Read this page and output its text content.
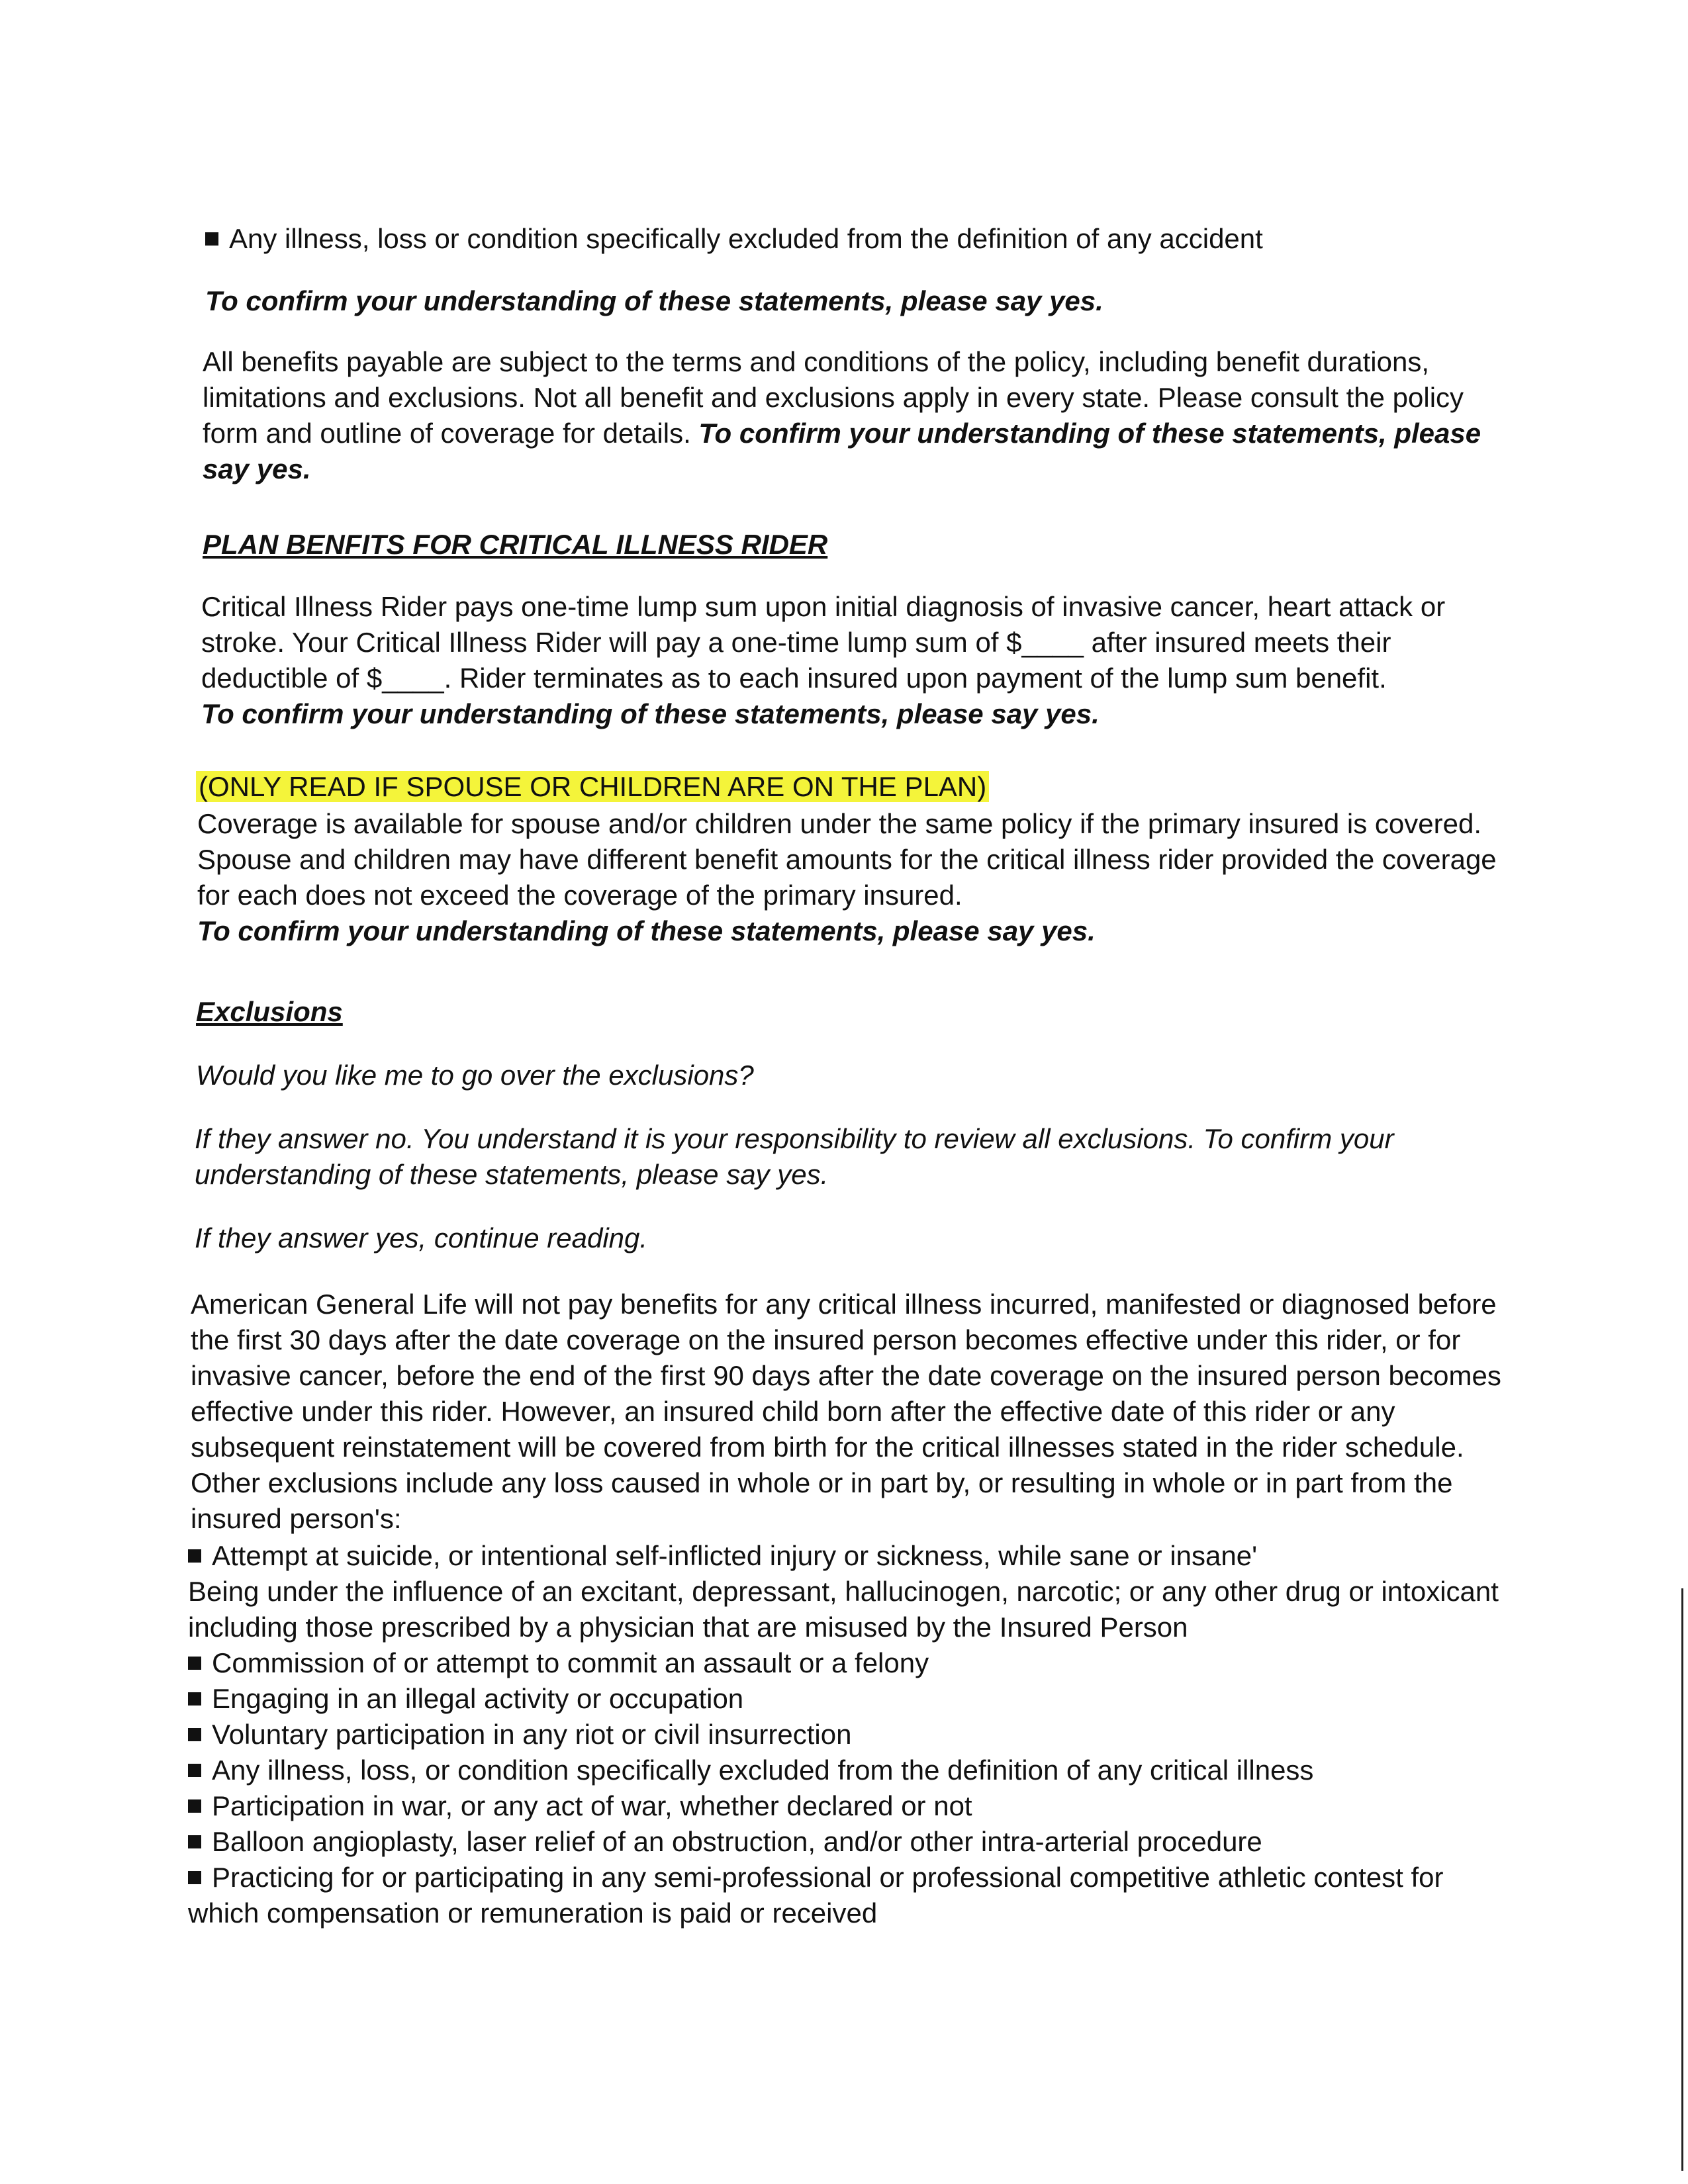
Any illness, loss or condition specifically excluded from the definition of any accident

To confirm your understanding of these statements, please say yes.

All benefits payable are subject to the terms and conditions of the policy, including benefit durations, limitations and exclusions. Not all benefit and exclusions apply in every state. Please consult the policy form and outline of coverage for details. To confirm your understanding of these statements, please say yes.

PLAN BENFITS FOR CRITICAL ILLNESS RIDER

Critical Illness Rider pays one-time lump sum upon initial diagnosis of invasive cancer, heart attack or stroke. Your Critical Illness Rider will pay a one-time lump sum of $____ after insured meets their deductible of $____. Rider terminates as to each insured upon payment of the lump sum benefit.
To confirm your understanding of these statements, please say yes.

(ONLY READ IF SPOUSE OR CHILDREN ARE ON THE PLAN)

Coverage is available for spouse and/or children under the same policy if the primary insured is covered. Spouse and children may have different benefit amounts for the critical illness rider provided the coverage for each does not exceed the coverage of the primary insured.
To confirm your understanding of these statements, please say yes.

Exclusions

Would you like me to go over the exclusions?

If they answer no. You understand it is your responsibility to review all exclusions. To confirm your understanding of these statements, please say yes.

If they answer yes, continue reading.

American General Life will not pay benefits for any critical illness incurred, manifested or diagnosed before the first 30 days after the date coverage on the insured person becomes effective under this rider, or for invasive cancer, before the end of the first 90 days after the date coverage on the insured person becomes effective under this rider. However, an insured child born after the effective date of this rider or any subsequent reinstatement will be covered from birth for the critical illnesses stated in the rider schedule. Other exclusions include any loss caused in whole or in part by, or resulting in whole or in part from the insured person's:

Attempt at suicide, or intentional self-inflicted injury or sickness, while sane or insane'
Being under the influence of an excitant, depressant, hallucinogen, narcotic; or any other drug or intoxicant including those prescribed by a physician that are misused by the Insured Person
Commission of or attempt to commit an assault or a felony
Engaging in an illegal activity or occupation
Voluntary participation in any riot or civil insurrection
Any illness, loss, or condition specifically excluded from the definition of any critical illness
Participation in war, or any act of war, whether declared or not
Balloon angioplasty, laser relief of an obstruction, and/or other intra-arterial procedure
Practicing for or participating in any semi-professional or professional competitive athletic contest for which compensation or remuneration is paid or received
